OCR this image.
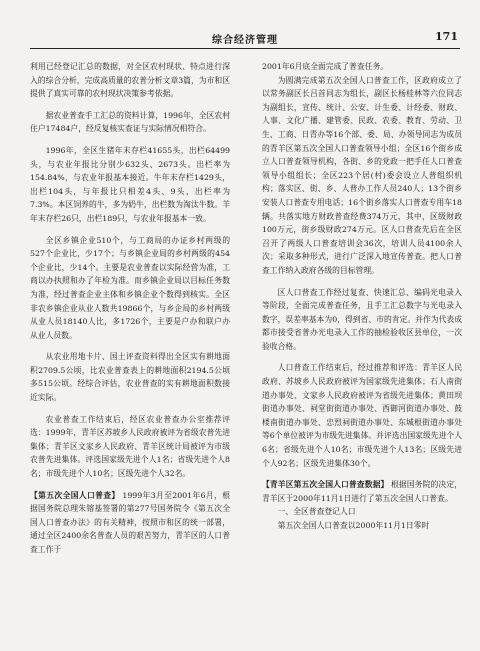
综合经济管理	171

利用已经登记汇总的数据，对全区农村现状、特点进行深入的综合分析，完成高质量的农普分析文章3篇，为市和区提供了真实可靠的农村现状决策参考依据。

据农业普查手工汇总的资料计算，1996年，全区农村住户17484户，经反复核实查证与实际情况相符合。

1996年，全区生猪年末存栏41655头，出栏64499头，与农业年报比分别少632头、2673头。出栏率为154.84%，与农业年报基本接近。牛年末存栏1429头，出栏104头，与年报比只相差4头、9头，出栏率为7.3%。本区饲养的牛，多为奶牛，出栏数为淘汰牛数。羊年末存栏26只，出栏189只，与农业年报基本一致。

全区乡镇企业510个，与工商局的办证乡村两级的527个企业比，少17个；与乡镇企业局的乡村两级的454个企业比，少14个。主要是农业普查以实际经营为准，工商以办执照和办了年检为准。而乡镇企业局以目标任务数为准，经过普查企业主体和乡镇企业个数得到核实。全区非农乡镇企业从业人数共19866个，与乡企局的乡村两级从业人员18140人比，多1726个，主要是户办和联户办从业人员数。

从农业用地卡片、国土评查资料得出全区实有耕地面积2709.5公顷，比农业普查表上的耕地面积2194.5公顷多515公顷。经综合评估，农业普查的实有耕地面积数接近实际。

农业普查工作结束后，经区农业普查办公室推荐评选：1999年，青羊区苏坡乡人民政府被评为省级农普先进集体；青羊区文家乡人民政府、青羊区统计局被评为市级农普先进集体。评选国家级先进个人1名；省级先进个人8名；市级先进个人10名；区级先进个人32名。

【第五次全国人口普查】 1999年3月至2001年6月，根据国务院总理朱镕基签署的第277号国务院令《第五次全国人口普查办法》的有关精神，按照市和区的统一部署，通过全区2400余名普查人员的艰苦努力，青羊区的人口普查工作于

2001年6月底全面完成了普查任务。

为圆满完成第五次全国人口普查工作，区政府成立了以常务副区长吕首同志为组长，副区长杨桂林等六位同志为副组长，宣传、统计、公安、计生委、计经委、财政、人事、文化广播、建管委、民政、农委、教育、劳动、卫生、工商、日青办等16个部、委、局、办领导同志为成员的青羊区第五次全国人口普查领导小组；全区16个街乡成立人口普查领导机构，各街、乡的党政一把手任人口普查领导小组组长；全区223个居(村)委会设立人普组织机构；落实区、街、乡、人普办工作人员240人；13个街乡安装人口普查专用电话；16个街乡落实人口普查专用车18辆。共落实地方财政普查经费374万元，其中，区级财政100万元，街乡级财政274万元。区人口普查先后在全区召开了两级人口普查培训会36次，培训人员4100余人次；采取多种形式，进行广泛深入地宣传普查。把人口普查工作纳入政府各级的目标管理。

区人口普查工作经过复查、快速汇总、编码光电录入等阶段，全面完成普查任务，且手工汇总数字与光电录入数字，误差率基本为0，得到省、市的肯定。并作为代表成都市接受省普办光电录入工作的抽检验收区县单位，一次验收合格。

人口普查工作结束后，经过推荐和评选：青羊区人民政府、苏坡乡人民政府被评为国家级先进集体；石人南街道办事处、文家乡人民政府被评为省级先进集体；黄田坝街道办事处、祠堂街街道办事处、西御河街道办事处、鼓楼南街道办事处、忠烈祠街道办事处、东城根街道办事处等6个单位被评为市级先进集体。并评选出国家级先进个人6名；省级先进个人10名；市级先进个人13名；区级先进个人92名；区级先进集体30个。

【青羊区第五次全国人口普查数据】 根据国务院的决定，青羊区于2000年11月1日进行了第五次全国人口普查。

一、全区普查登记人口

第五次全国人口普查以2000年11月1日零时
